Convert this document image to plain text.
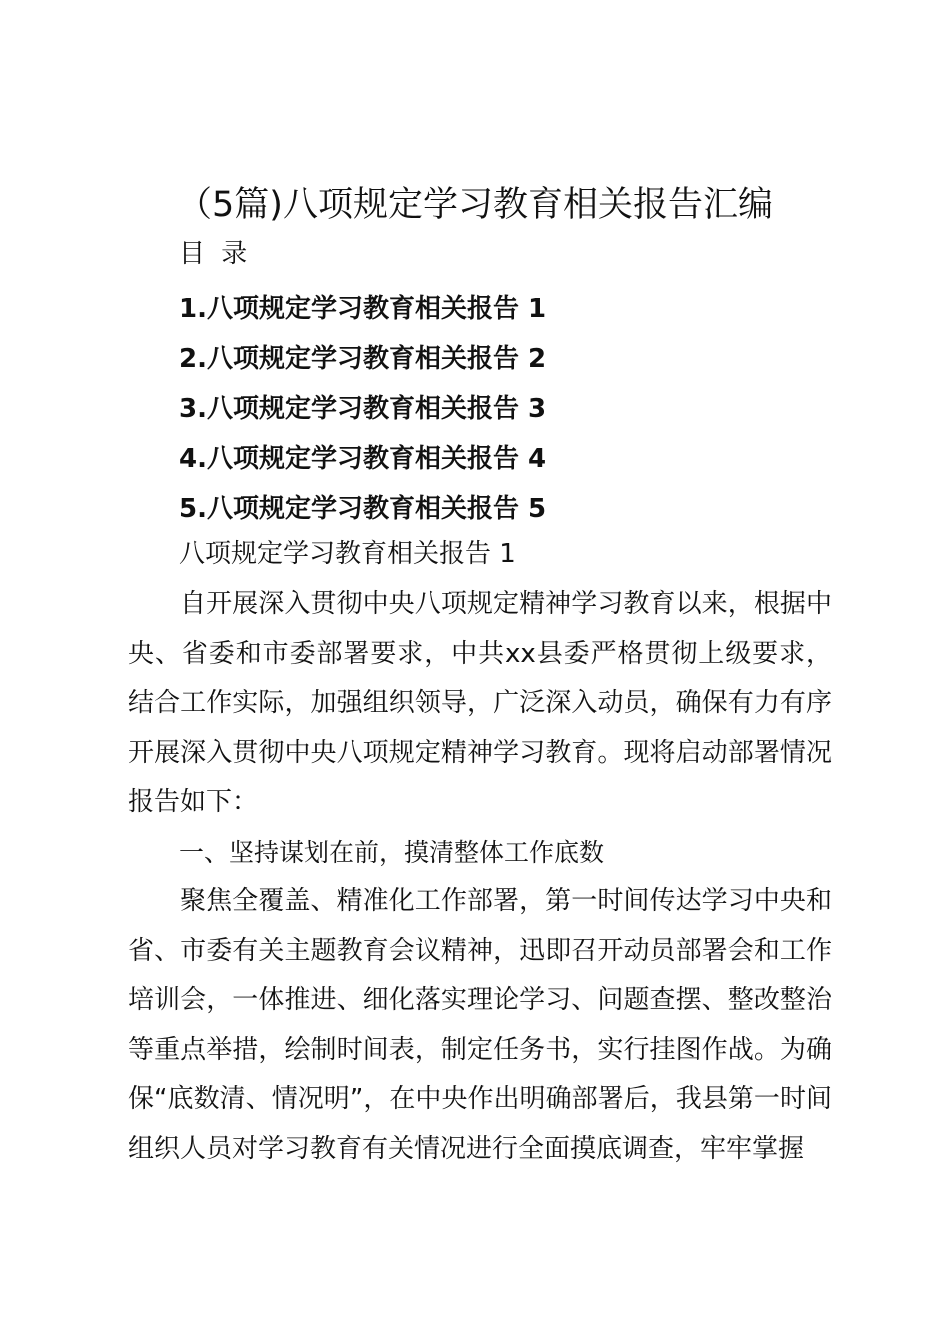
（5篇)八项规定学习教育相关报告汇编

目 录

1.八项规定学习教育相关报告 1
2.八项规定学习教育相关报告 2
3.八项规定学习教育相关报告 3
4.八项规定学习教育相关报告 4
5.八项规定学习教育相关报告 5

八项规定学习教育相关报告 1

自开展深入贯彻中央八项规定精神学习教育以来，根据中央、省委和市委部署要求，中共xx县委严格贯彻上级要求，结合工作实际，加强组织领导，广泛深入动员，确保有力有序开展深入贯彻中央八项规定精神学习教育。现将启动部署情况报告如下：

一、坚持谋划在前，摸清整体工作底数

聚焦全覆盖、精准化工作部署，第一时间传达学习中央和省、市委有关主题教育会议精神，迅即召开动员部署会和工作培训会，一体推进、细化落实理论学习、问题查摆、整改整治等重点举措，绘制时间表，制定任务书，实行挂图作战。为确保“底数清、情况明”，在中央作出明确部署后，我县第一时间组织人员对学习教育有关情况进行全面摸底调查，牢牢掌握
